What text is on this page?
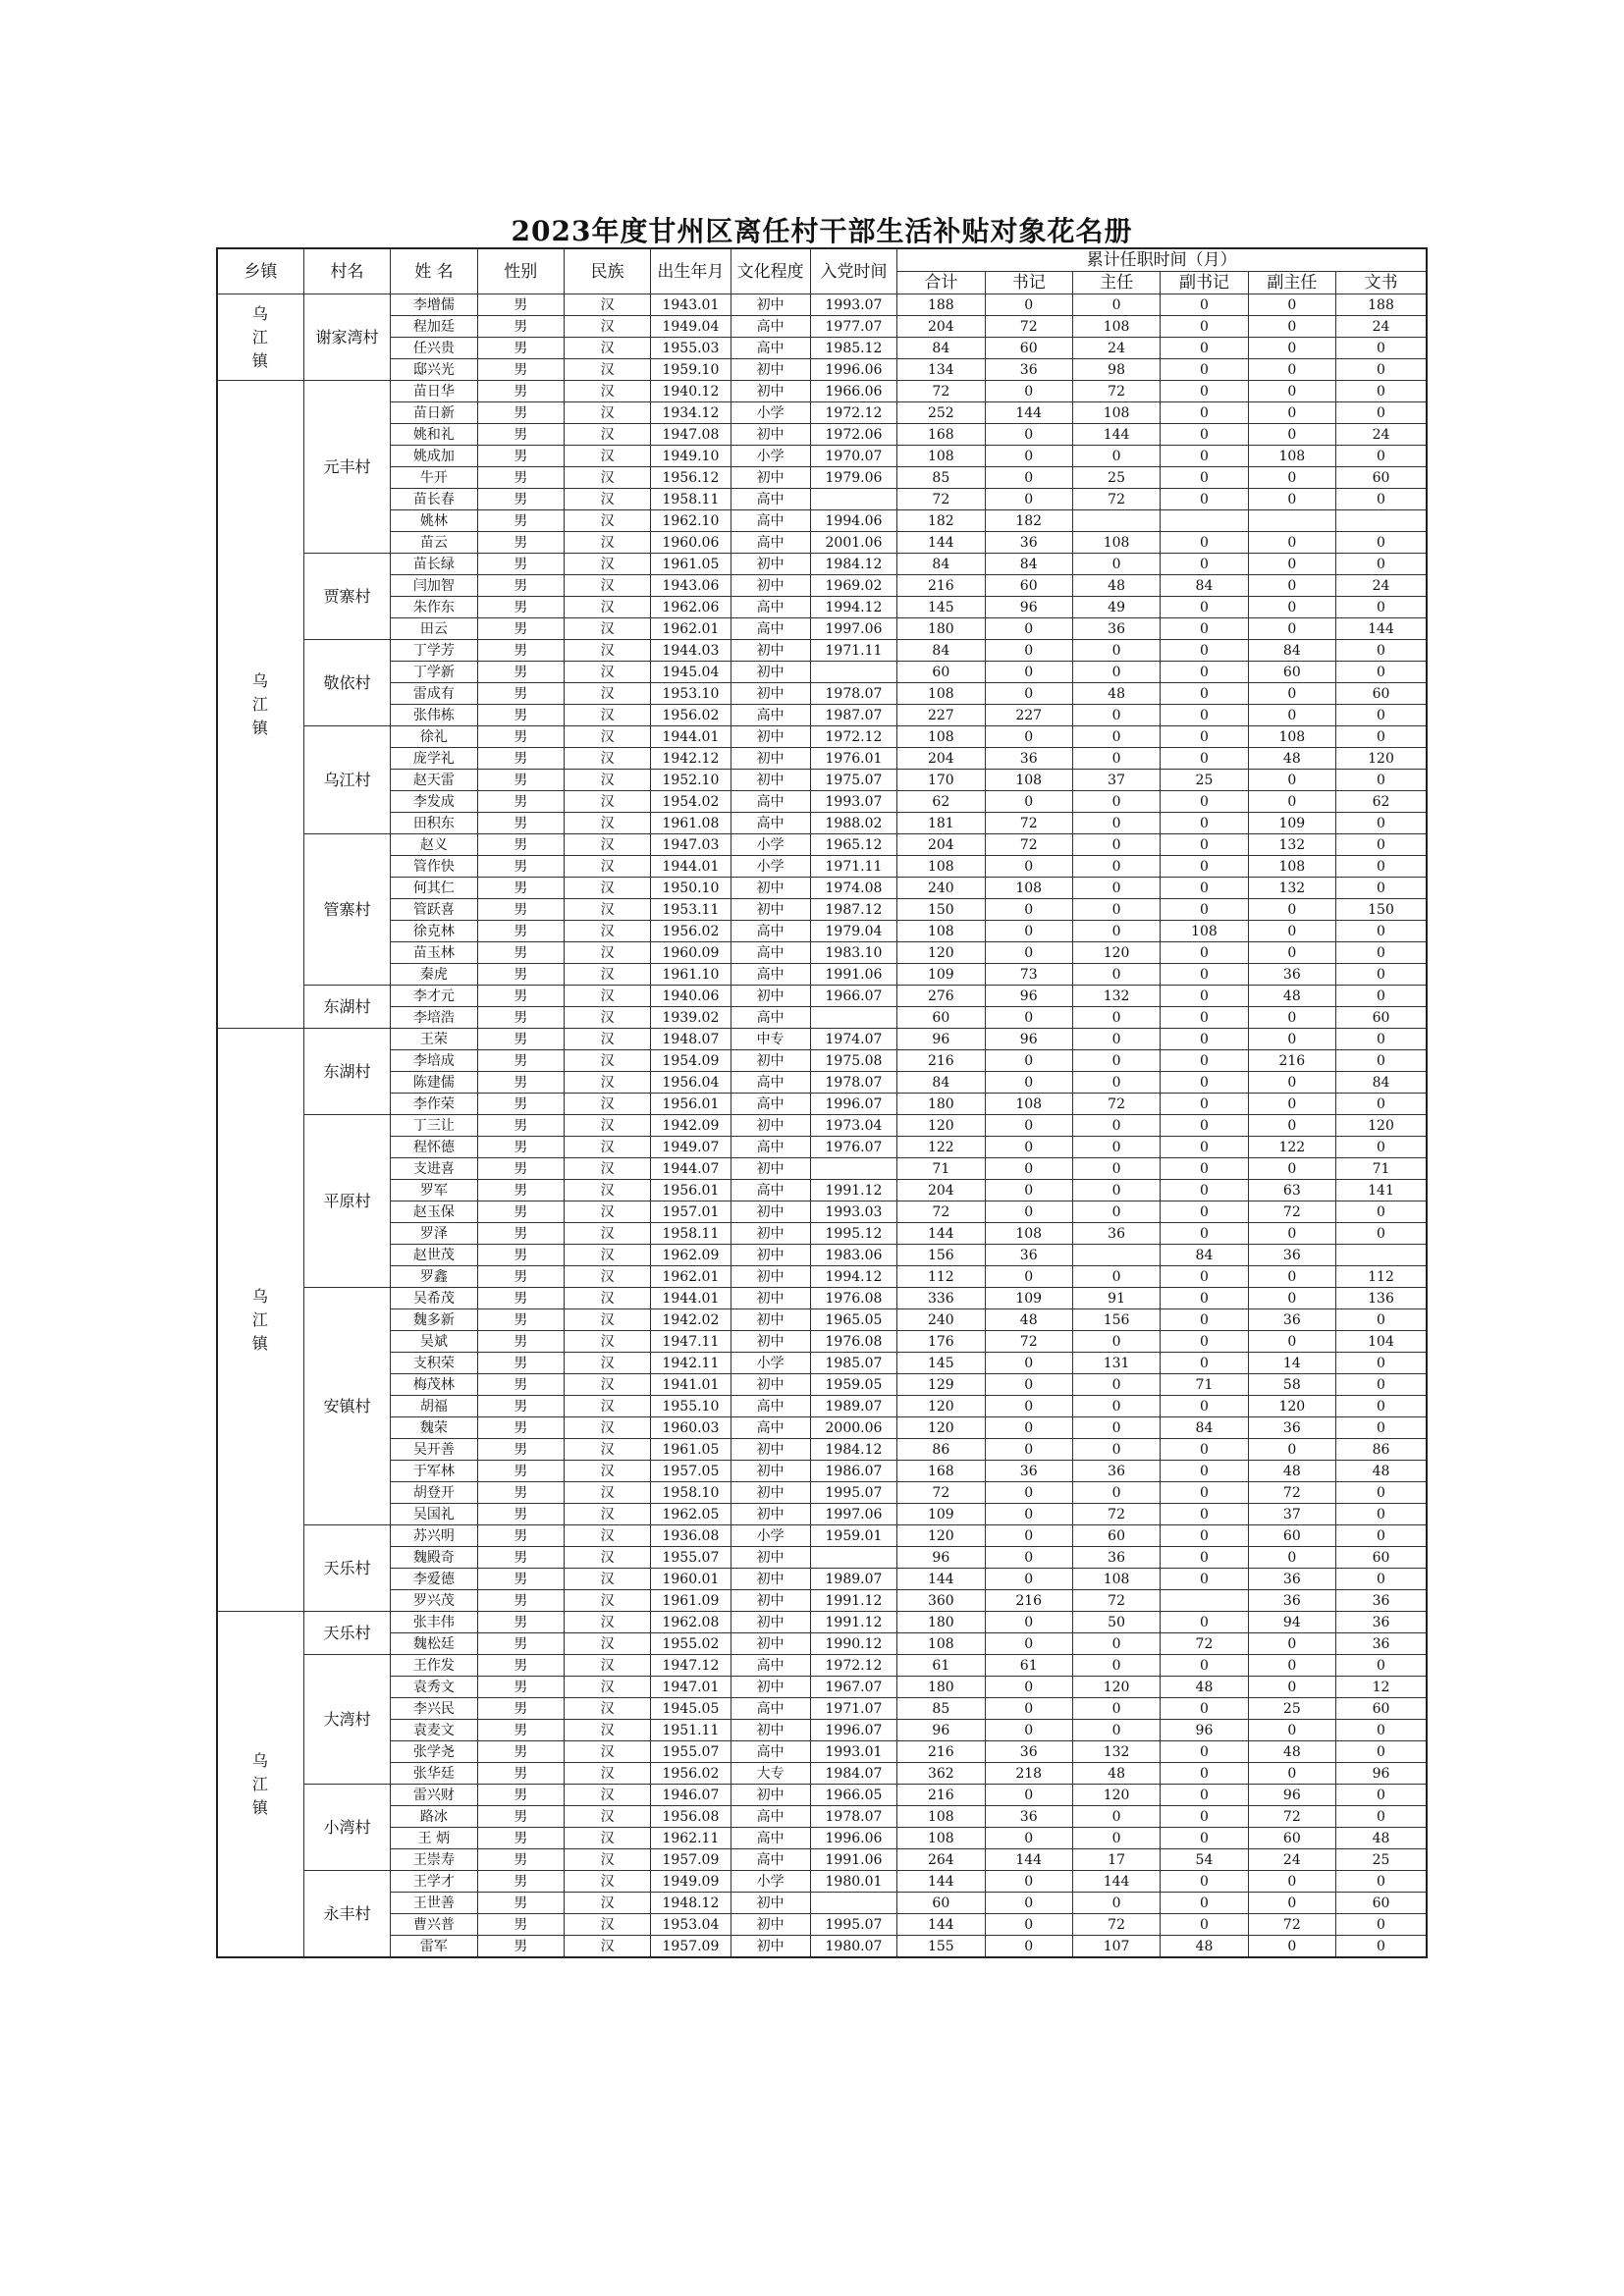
2023年度甘州区离任村干部生活补贴对象花名册
乡镇	村名	姓 名	性别	民族	出生年月	文化程度	入党时间	累计任职时间（月）					
								合计	书记	主任	副书记	副主任	文书
乌
江
镇	谢家湾村	李增儒	男	汉	1943.01	初中	1993.07	188	0	0	0	0	188
		程加廷	男	汉	1949.04	高中	1977.07	204	72	108	0	0	24
		任兴贵	男	汉	1955.03	高中	1985.12	84	60	24	0	0	0
		邸兴光	男	汉	1959.10	初中	1996.06	134	36	98	0	0	0
乌
江
镇	元丰村	苗日华	男	汉	1940.12	初中	1966.06	72	0	72	0	0	0
		苗日新	男	汉	1934.12	小学	1972.12	252	144	108	0	0	0
		姚和礼	男	汉	1947.08	初中	1972.06	168	0	144	0	0	24
		姚成加	男	汉	1949.10	小学	1970.07	108	0	0	0	108	0
		牛开	男	汉	1956.12	初中	1979.06	85	0	25	0	0	60
		苗长春	男	汉	1958.11	高中		72	0	72	0	0	0
		姚林	男	汉	1962.10	高中	1994.06	182	182				
		苗云	男	汉	1960.06	高中	2001.06	144	36	108	0	0	0
	贾寨村	苗长绿	男	汉	1961.05	初中	1984.12	84	84	0	0	0	0
		闫加智	男	汉	1943.06	初中	1969.02	216	60	48	84	0	24
		朱作东	男	汉	1962.06	高中	1994.12	145	96	49	0	0	0
		田云	男	汉	1962.01	高中	1997.06	180	0	36	0	0	144
	敬依村	丁学芳	男	汉	1944.03	初中	1971.11	84	0	0	0	84	0
		丁学新	男	汉	1945.04	初中		60	0	0	0	60	0
		雷成有	男	汉	1953.10	初中	1978.07	108	0	48	0	0	60
		张伟栋	男	汉	1956.02	高中	1987.07	227	227	0	0	0	0
	乌江村	徐礼	男	汉	1944.01	初中	1972.12	108	0	0	0	108	0
		庞学礼	男	汉	1942.12	初中	1976.01	204	36	0	0	48	120
		赵天雷	男	汉	1952.10	初中	1975.07	170	108	37	25	0	0
		李发成	男	汉	1954.02	高中	1993.07	62	0	0	0	0	62
		田积东	男	汉	1961.08	高中	1988.02	181	72	0	0	109	0
	管寨村	赵义	男	汉	1947.03	小学	1965.12	204	72	0	0	132	0
		管作快	男	汉	1944.01	小学	1971.11	108	0	0	0	108	0
		何其仁	男	汉	1950.10	初中	1974.08	240	108	0	0	132	0
		管跃喜	男	汉	1953.11	初中	1987.12	150	0	0	0	0	150
		徐克林	男	汉	1956.02	高中	1979.04	108	0	0	108	0	0
		苗玉林	男	汉	1960.09	高中	1983.10	120	0	120	0	0	0
		秦虎	男	汉	1961.10	高中	1991.06	109	73	0	0	36	0
	东湖村	李才元	男	汉	1940.06	初中	1966.07	276	96	132	0	48	0
		李培浩	男	汉	1939.02	高中		60	0	0	0	0	60
乌
江
镇	东湖村	王荣	男	汉	1948.07	中专	1974.07	96	96	0	0	0	0
		李培成	男	汉	1954.09	初中	1975.08	216	0	0	0	216	0
		陈建儒	男	汉	1956.04	高中	1978.07	84	0	0	0	0	84
		李作荣	男	汉	1956.01	高中	1996.07	180	108	72	0	0	0
	平原村	丁三让	男	汉	1942.09	初中	1973.04	120	0	0	0	0	120
		程怀德	男	汉	1949.07	高中	1976.07	122	0	0	0	122	0
		支进喜	男	汉	1944.07	初中		71	0	0	0	0	71
		罗军	男	汉	1956.01	高中	1991.12	204	0	0	0	63	141
		赵玉保	男	汉	1957.01	初中	1993.03	72	0	0	0	72	0
		罗泽	男	汉	1958.11	初中	1995.12	144	108	36	0	0	0
		赵世茂	男	汉	1962.09	初中	1983.06	156	36		84	36	
		罗鑫	男	汉	1962.01	初中	1994.12	112	0	0	0	0	112
	安镇村	吴希茂	男	汉	1944.01	初中	1976.08	336	109	91	0	0	136
		魏多新	男	汉	1942.02	初中	1965.05	240	48	156	0	36	0
		吴斌	男	汉	1947.11	初中	1976.08	176	72	0	0	0	104
		支积荣	男	汉	1942.11	小学	1985.07	145	0	131	0	14	0
		梅茂林	男	汉	1941.01	初中	1959.05	129	0	0	71	58	0
		胡福	男	汉	1955.10	高中	1989.07	120	0	0	0	120	0
		魏荣	男	汉	1960.03	高中	2000.06	120	0	0	84	36	0
		吴开善	男	汉	1961.05	初中	1984.12	86	0	0	0	0	86
		于军林	男	汉	1957.05	初中	1986.07	168	36	36	0	48	48
		胡登开	男	汉	1958.10	初中	1995.07	72	0	0	0	72	0
		吴国礼	男	汉	1962.05	初中	1997.06	109	0	72	0	37	0
	天乐村	苏兴明	男	汉	1936.08	小学	1959.01	120	0	60	0	60	0
		魏殿奇	男	汉	1955.07	初中		96	0	36	0	0	60
		李爱德	男	汉	1960.01	初中	1989.07	144	0	108	0	36	0
		罗兴茂	男	汉	1961.09	初中	1991.12	360	216	72		36	36
乌
江
镇	天乐村	张丰伟	男	汉	1962.08	初中	1991.12	180	0	50	0	94	36
		魏松廷	男	汉	1955.02	初中	1990.12	108	0	0	72	0	36
	大湾村	王作发	男	汉	1947.12	高中	1972.12	61	61	0	0	0	0
		袁秀文	男	汉	1947.01	初中	1967.07	180	0	120	48	0	12
		李兴民	男	汉	1945.05	高中	1971.07	85	0	0	0	25	60
		袁麦文	男	汉	1951.11	初中	1996.07	96	0	0	96	0	0
		张学尧	男	汉	1955.07	高中	1993.01	216	36	132	0	48	0
		张华廷	男	汉	1956.02	大专	1984.07	362	218	48	0	0	96
	小湾村	雷兴财	男	汉	1946.07	初中	1966.05	216	0	120	0	96	0
		路冰	男	汉	1956.08	高中	1978.07	108	36	0	0	72	0
		王 炳	男	汉	1962.11	高中	1996.06	108	0	0	0	60	48
		王崇寿	男	汉	1957.09	高中	1991.06	264	144	17	54	24	25
	永丰村	王学才	男	汉	1949.09	小学	1980.01	144	0	144	0	0	0
		王世善	男	汉	1948.12	初中		60	0	0	0	0	60
		曹兴普	男	汉	1953.04	初中	1995.07	144	0	72	0	72	0
		雷军	男	汉	1957.09	初中	1980.07	155	0	107	48	0	0
